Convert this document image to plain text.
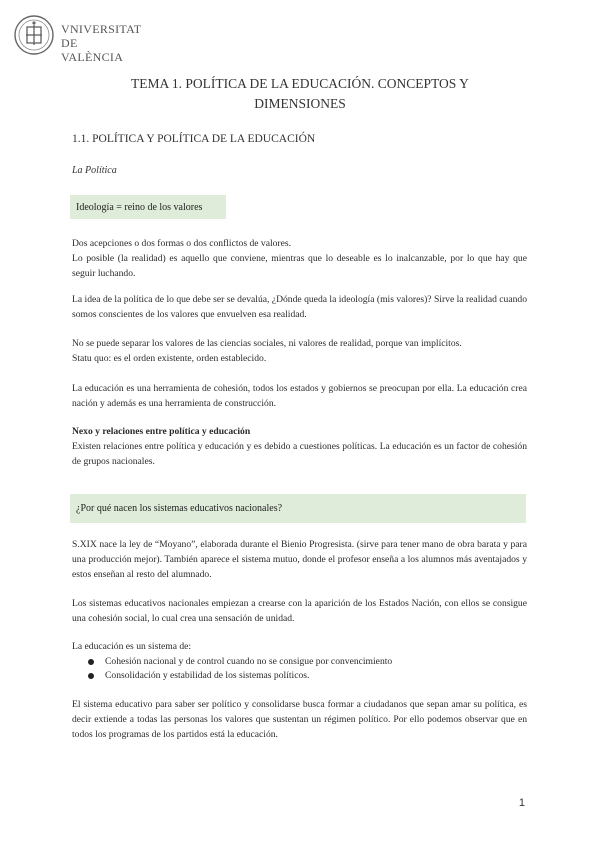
VNIVERSITAT
DE VALÈNCIA
TEMA 1. POLÍTICA DE LA EDUCACIÓN. CONCEPTOS Y
DIMENSIONES
1.1. POLÍTICA Y POLÍTICA DE LA EDUCACIÓN
La Política
Ideología = reino de los valores
Dos acepciones o dos formas o dos conflictos de valores.
Lo posible (la realidad) es aquello que conviene, mientras que lo deseable es lo inalcanzable, por lo que hay que seguir luchando.
La idea de la política de lo que debe ser se devalúa, ¿Dónde queda la ideología (mis valores)? Sirve la realidad cuando somos conscientes de los valores que envuelven esa realidad.
No se puede separar los valores de las ciencias sociales, ni valores de realidad, porque van implícitos.
Statu quo: es el orden existente, orden establecido.
La educación es una herramienta de cohesión, todos los estados y gobiernos se preocupan por ella. La educación crea nación y además es una herramienta de construcción.
Nexo y relaciones entre política y educación
Existen relaciones entre política y educación y es debido a cuestiones políticas. La educación es un factor de cohesión de grupos nacionales.
¿Por qué nacen los sistemas educativos nacionales?
S.XIX nace la ley de “Moyano”, elaborada durante el Bienio Progresista. (sirve para tener mano de obra barata y para una producción mejor). También aparece el sistema mutuo, donde el profesor enseña a los alumnos más aventajados y estos enseñan al resto del alumnado.
Los sistemas educativos nacionales empiezan a crearse con la aparición de los Estados Nación, con ellos se consigue una cohesión social, lo cual crea una sensación de unidad.
La educación es un sistema de:
Cohesión nacional y de control cuando no se consigue por convencimiento
Consolidación y estabilidad de los sistemas políticos.
El sistema educativo para saber ser político y consolidarse busca formar a ciudadanos que sepan amar su política, es decir extiende a todas las personas los valores que sustentan un régimen político. Por ello podemos observar que en todos los programas de los partidos está la educación.
1
